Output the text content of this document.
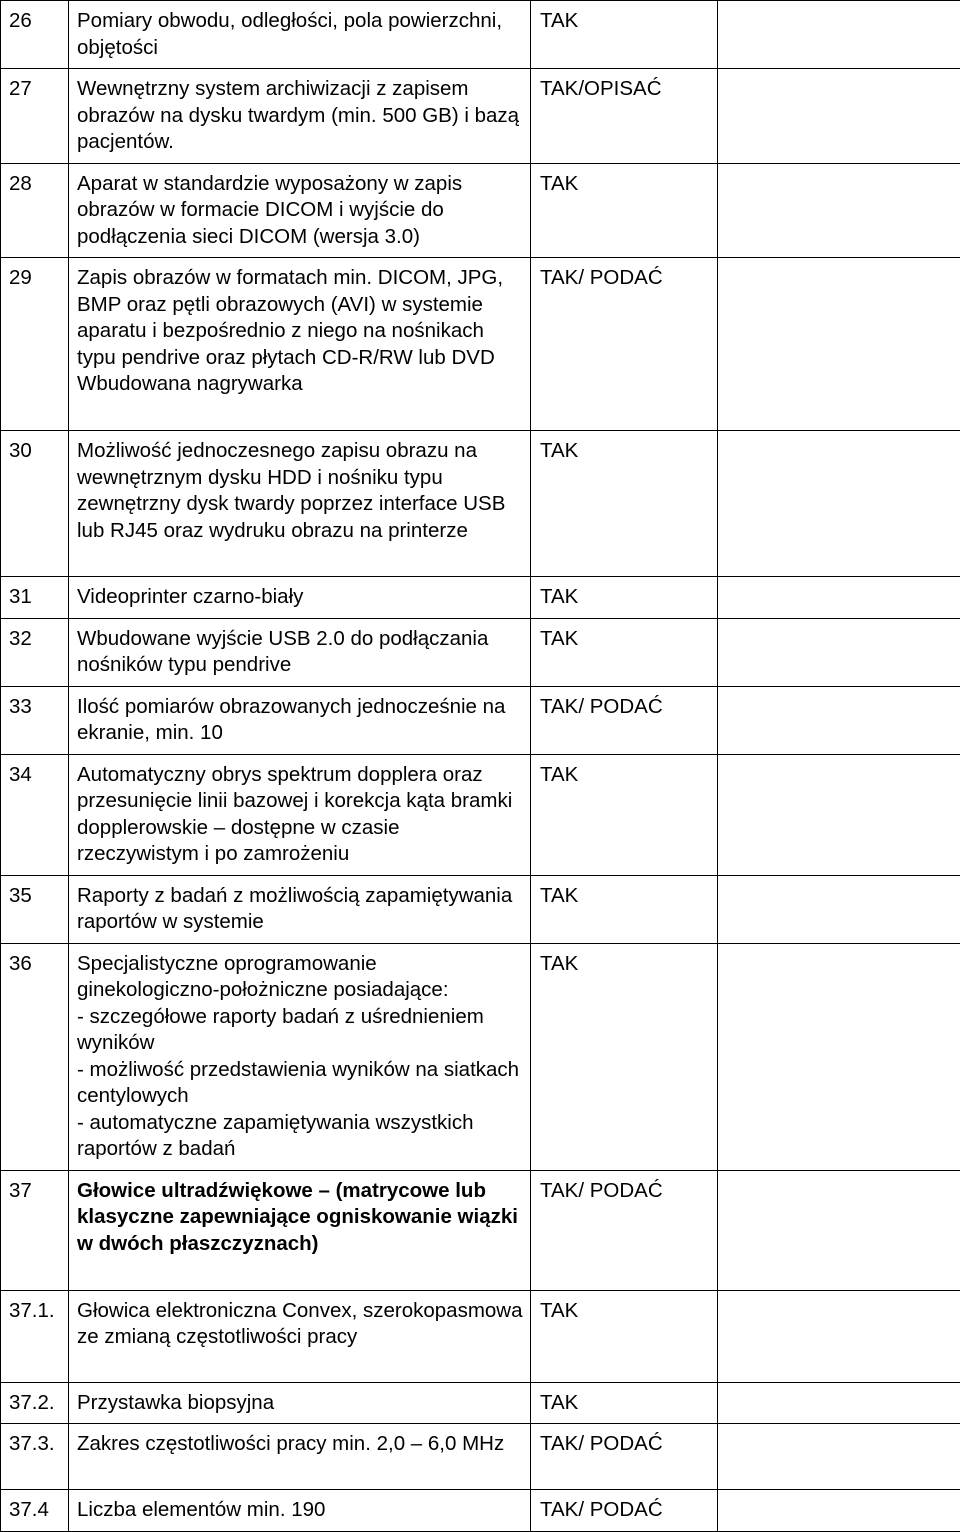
26	Pomiary obwodu, odległości, pola powierzchni, objętości	TAK	
27	Wewnętrzny system archiwizacji z zapisem obrazów na dysku twardym (min. 500 GB) i bazą pacjentów.	TAK/OPISAĆ	
28	Aparat w standardzie wyposażony w zapis obrazów w formacie DICOM i wyjście do podłączenia sieci DICOM (wersja 3.0)	TAK	
29	Zapis obrazów w formatach min. DICOM, JPG, BMP oraz pętli obrazowych (AVI) w systemie aparatu i bezpośrednio z niego na nośnikach typu pendrive oraz płytach CD-R/RW lub DVD
Wbudowana nagrywarka	TAK/ PODAĆ	
30	Możliwość jednoczesnego zapisu obrazu na wewnętrznym dysku HDD i nośniku typu zewnętrzny dysk twardy poprzez interface USB lub RJ45 oraz wydruku obrazu na printerze	TAK	
31	Videoprinter czarno-biały	TAK	
32	Wbudowane wyjście USB 2.0 do podłączania nośników typu pendrive	TAK	
33	Ilość pomiarów obrazowanych jednocześnie na ekranie, min. 10	TAK/ PODAĆ	
34	Automatyczny obrys spektrum dopplera oraz przesunięcie linii bazowej i korekcja kąta bramki dopplerowskie – dostępne w czasie rzeczywistym i po zamrożeniu	TAK	
35	Raporty z badań z możliwością zapamiętywania raportów w systemie	TAK	
36	Specjalistyczne oprogramowanie ginekologiczno-położniczne posiadające:
- szczegółowe raporty badań z uśrednieniem wyników
- możliwość przedstawienia wyników na siatkach centylowych
- automatyczne zapamiętywania wszystkich raportów z badań	TAK	
37	Głowice ultradźwiękowe – (matrycowe lub klasyczne zapewniające ogniskowanie wiązki w dwóch płaszczyznach)	TAK/ PODAĆ	
37.1.	Głowica elektroniczna Convex, szerokopasmowa ze zmianą częstotliwości pracy	TAK	
37.2.	Przystawka biopsyjna	TAK	
37.3.	Zakres częstotliwości pracy min. 2,0 – 6,0 MHz	TAK/ PODAĆ	
37.4	Liczba elementów min. 190	TAK/ PODAĆ	
